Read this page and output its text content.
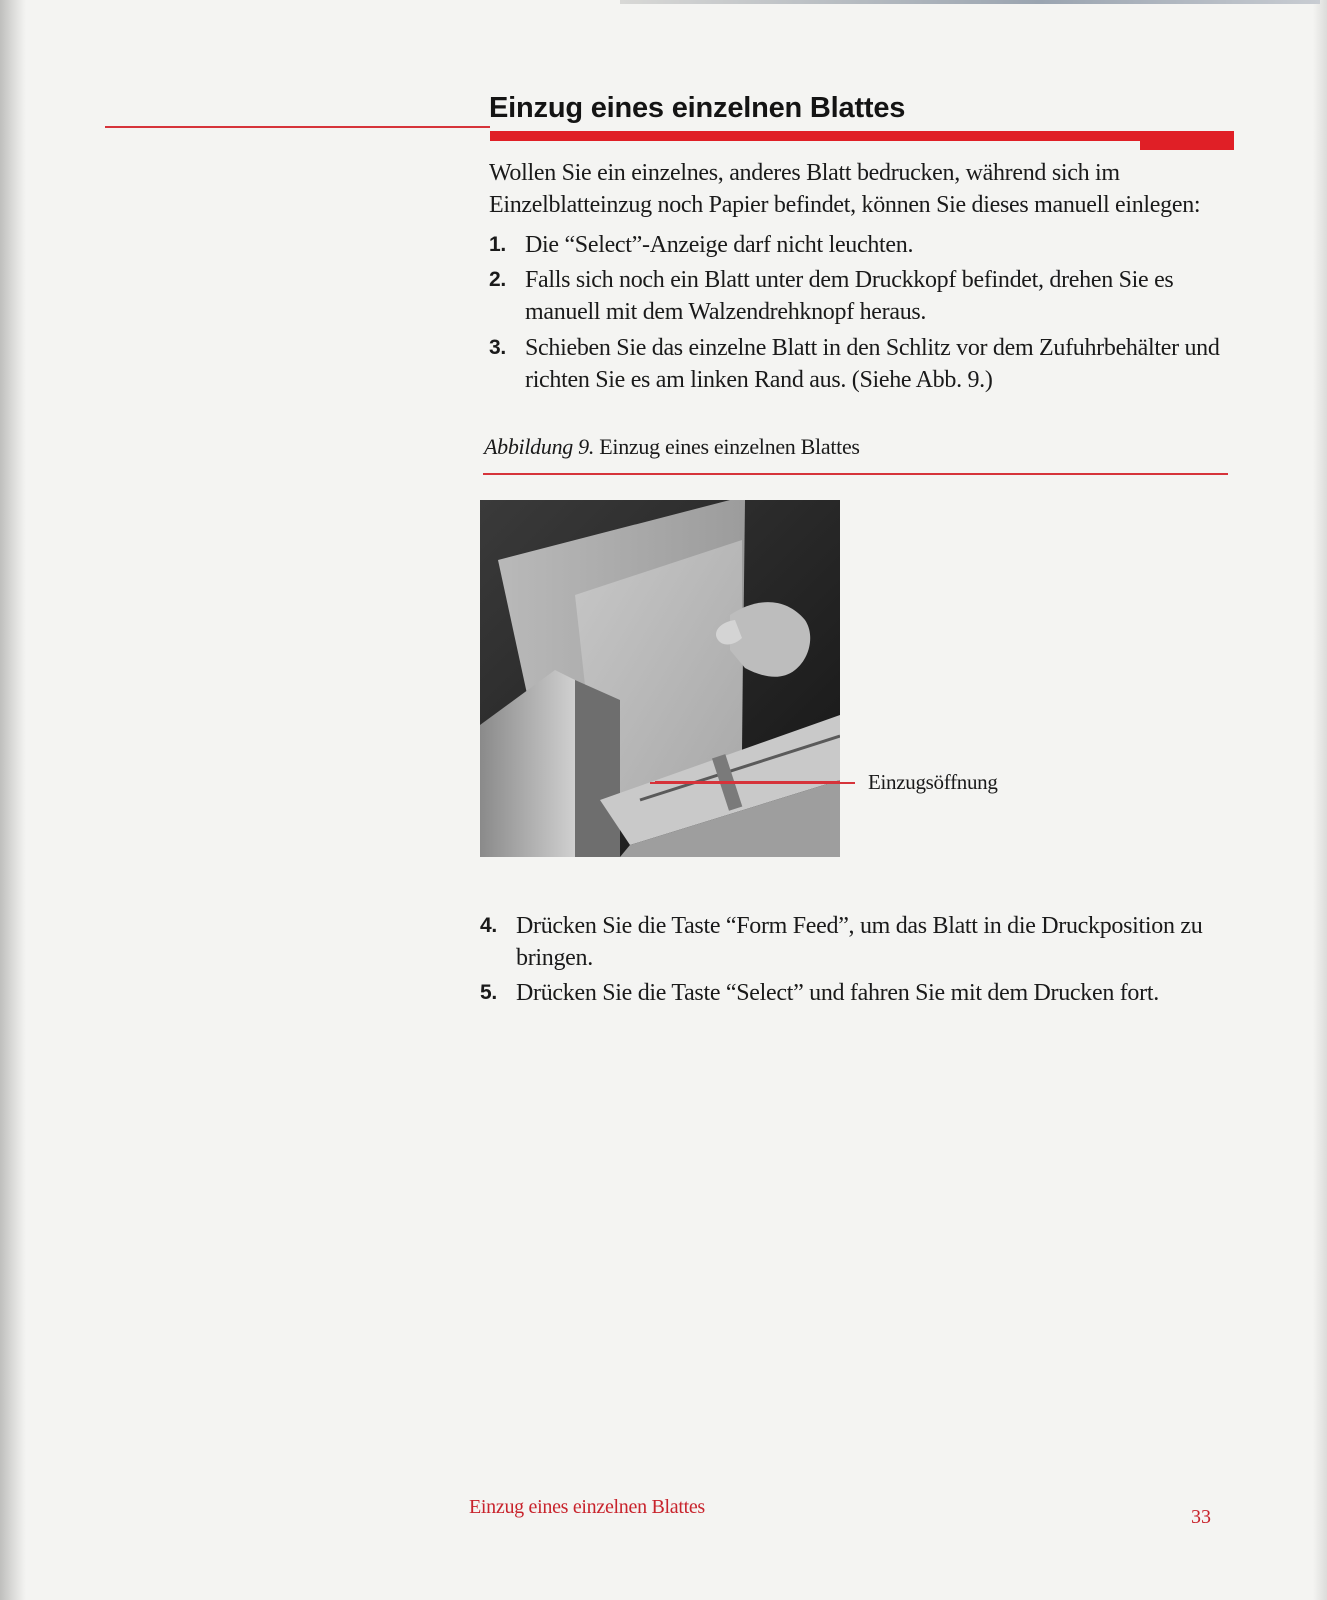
Einzug eines einzelnen Blattes

Wollen Sie ein einzelnes, anderes Blatt bedrucken, während sich im Einzelblatteinzug noch Papier befindet, können Sie dieses manuell einlegen:

1. Die “Select”-Anzeige darf nicht leuchten.
2. Falls sich noch ein Blatt unter dem Druckkopf befindet, drehen Sie es manuell mit dem Walzendrehknopf heraus.
3. Schieben Sie das einzelne Blatt in den Schlitz vor dem Zufuhrbehälter und richten Sie es am linken Rand aus. (Siehe Abb. 9.)
Abbildung 9. Einzug eines einzelnen Blattes
Einzugsöffnung
4. Drücken Sie die Taste “Form Feed”, um das Blatt in die Druckposition zu bringen.
5. Drücken Sie die Taste “Select” und fahren Sie mit dem Drucken fort.
Einzug eines einzelnen Blattes	33
